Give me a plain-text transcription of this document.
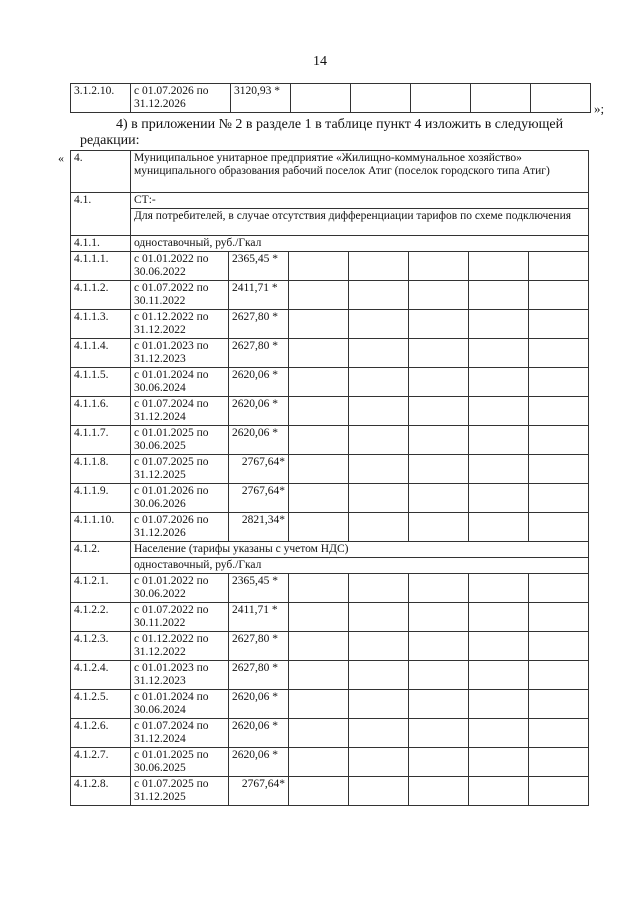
14
3.1.2.10.	с 01.07.2026 по 31.12.2026	3120,93 *					
»;
4) в приложении № 2 в разделе 1 в таблице пункт 4 изложить в следующей редакции:
« 4.	Муниципальное унитарное предприятие «Жилищно-коммунальное хозяйство» муниципального образования рабочий поселок Атиг (поселок городского типа Атиг)						
4.1.	СТ:-						
	Для потребителей, в случае отсутствия дифференциации тарифов по схеме подключения						
4.1.1.	одноставочный, руб./Гкал						
4.1.1.1.	с 01.01.2022 по 30.06.2022	2365,45 *					
4.1.1.2.	с 01.07.2022 по 30.11.2022	2411,71 *					
4.1.1.3.	с 01.12.2022 по 31.12.2022	2627,80 *					
4.1.1.4.	с 01.01.2023 по 31.12.2023	2627,80 *					
4.1.1.5.	с 01.01.2024 по 30.06.2024	2620,06 *					
4.1.1.6.	с 01.07.2024 по 31.12.2024	2620,06 *					
4.1.1.7.	с 01.01.2025 по 30.06.2025	2620,06 *					
4.1.1.8.	с 01.07.2025 по 31.12.2025	2767,64*					
4.1.1.9.	с 01.01.2026 по 30.06.2026	2767,64*					
4.1.1.10.	с 01.07.2026 по 31.12.2026	2821,34*					
4.1.2.	Население (тарифы указаны с учетом НДС)						
	одноставочный, руб./Гкал						
4.1.2.1.	с 01.01.2022 по 30.06.2022	2365,45 *					
4.1.2.2.	с 01.07.2022 по 30.11.2022	2411,71 *					
4.1.2.3.	с 01.12.2022 по 31.12.2022	2627,80 *					
4.1.2.4.	с 01.01.2023 по 31.12.2023	2627,80 *					
4.1.2.5.	с 01.01.2024 по 30.06.2024	2620,06 *					
4.1.2.6.	с 01.07.2024 по 31.12.2024	2620,06 *					
4.1.2.7.	с 01.01.2025 по 30.06.2025	2620,06 *					
4.1.2.8.	с 01.07.2025 по 31.12.2025	2767,64*					
